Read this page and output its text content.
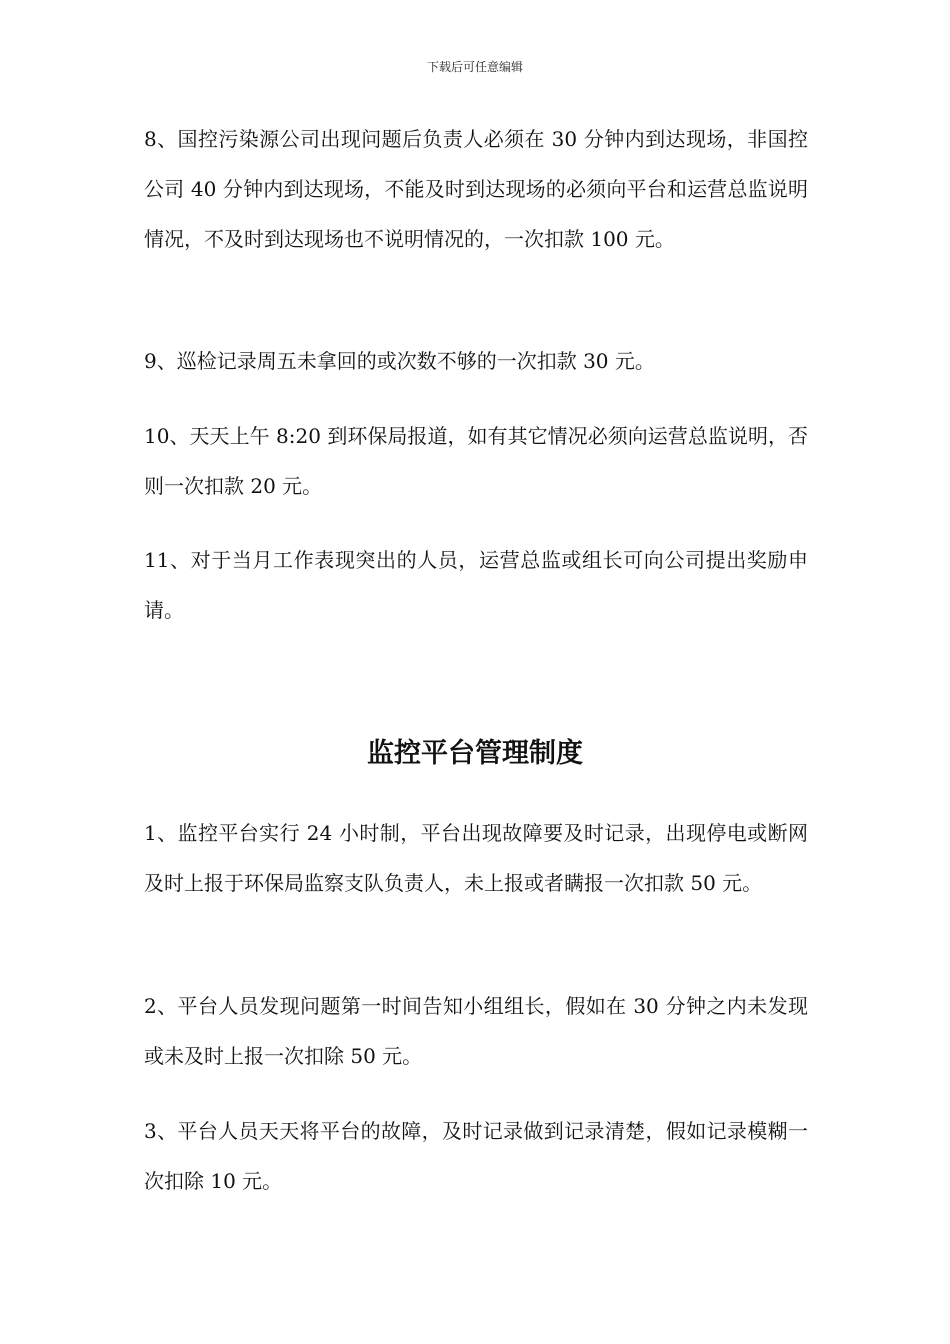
下载后可任意编辑

8、国控污染源公司出现问题后负责人必须在 30 分钟内到达现场，非国控公司 40 分钟内到达现场，不能及时到达现场的必须向平台和运营总监说明情况，不及时到达现场也不说明情况的，一次扣款 100 元。

9、巡检记录周五未拿回的或次数不够的一次扣款 30 元。

10、天天上午 8:20 到环保局报道，如有其它情况必须向运营总监说明，否则一次扣款 20 元。

11、对于当月工作表现突出的人员，运营总监或组长可向公司提出奖励申请。

监控平台管理制度

1、监控平台实行 24 小时制，平台出现故障要及时记录，出现停电或断网及时上报于环保局监察支队负责人，未上报或者瞒报一次扣款 50 元。

2、平台人员发现问题第一时间告知小组组长，假如在 30 分钟之内未发现或未及时上报一次扣除 50 元。

3、平台人员天天将平台的故障，及时记录做到记录清楚，假如记录模糊一次扣除 10 元。
